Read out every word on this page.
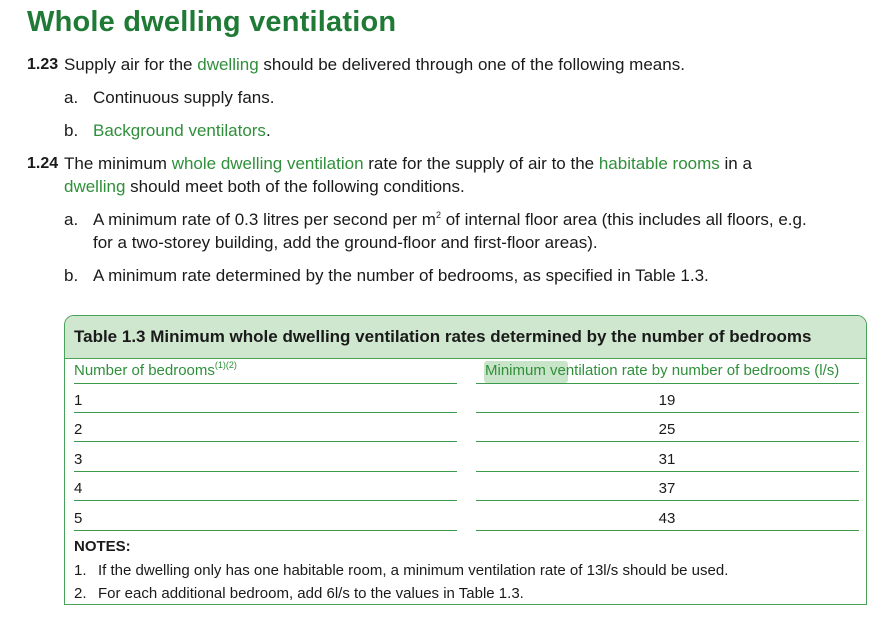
Whole dwelling ventilation
1.23 Supply air for the dwelling should be delivered through one of the following means.
a. Continuous supply fans.
b. Background ventilators.
1.24 The minimum whole dwelling ventilation rate for the supply of air to the habitable rooms in a
dwelling should meet both of the following conditions.
a. A minimum rate of 0.3 litres per second per $m^2$ of internal floor area (this includes all floors, e.g.
for a two-storey building, add the ground-floor and first-floor areas).
b. A minimum rate determined by the number of bedrooms, as specified in Table 1.3.
Table 1.3 Minimum whole dwelling ventilation rates determined by the number of bedrooms
Number of bedrooms$^{(1)(2)}$	Minimum ventilation rate by number of bedrooms (l/s)
1	19
2	25
3	31
4	37
5	43
NOTES:
1. If the dwelling only has one habitable room, a minimum ventilation rate of 13l/s should be used.
2. For each additional bedroom, add 6l/s to the values in Table 1.3.
